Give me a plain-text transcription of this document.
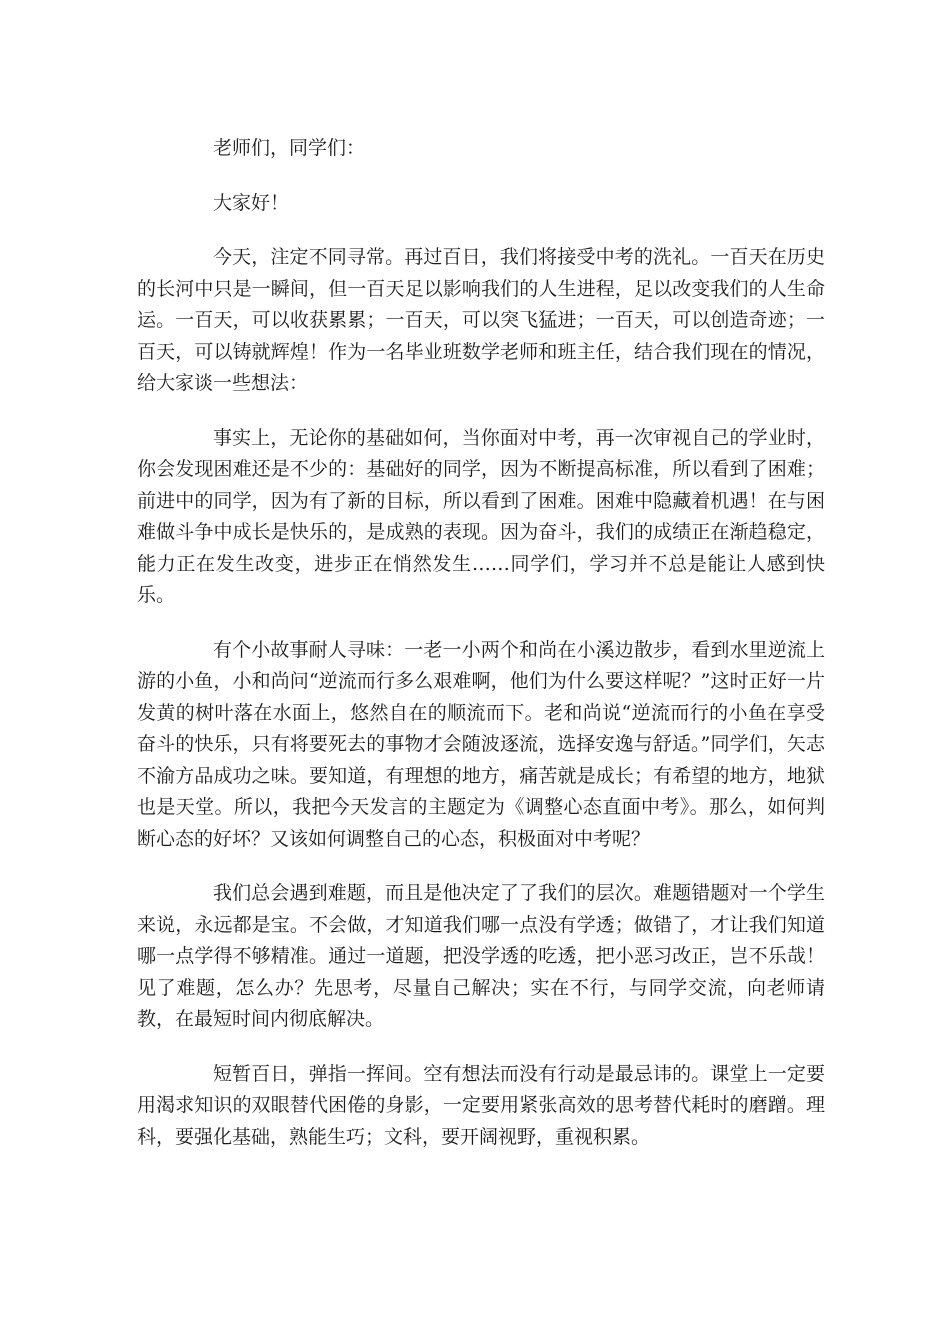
老师们，同学们：

大家好！

今天，注定不同寻常。再过百日，我们将接受中考的洗礼。一百天在历史的长河中只是一瞬间，但一百天足以影响我们的人生进程，足以改变我们的人生命运。一百天，可以收获累累；一百天，可以突飞猛进；一百天，可以创造奇迹；一百天，可以铸就辉煌！作为一名毕业班数学老师和班主任，结合我们现在的情况，给大家谈一些想法：

事实上，无论你的基础如何，当你面对中考，再一次审视自己的学业时，你会发现困难还是不少的：基础好的同学，因为不断提高标准，所以看到了困难；前进中的同学，因为有了新的目标，所以看到了困难。困难中隐藏着机遇！在与困难做斗争中成长是快乐的，是成熟的表现。因为奋斗，我们的成绩正在渐趋稳定，能力正在发生改变，进步正在悄然发生……同学们，学习并不总是能让人感到快乐。

有个小故事耐人寻味：一老一小两个和尚在小溪边散步，看到水里逆流上游的小鱼，小和尚问“逆流而行多么艰难啊，他们为什么要这样呢？”这时正好一片发黄的树叶落在水面上，悠然自在的顺流而下。老和尚说“逆流而行的小鱼在享受奋斗的快乐，只有将要死去的事物才会随波逐流，选择安逸与舒适。”同学们，矢志不渝方品成功之味。要知道，有理想的地方，痛苦就是成长；有希望的地方，地狱也是天堂。所以，我把今天发言的主题定为《调整心态直面中考》。那么，如何判断心态的好坏？又该如何调整自己的心态，积极面对中考呢？

我们总会遇到难题，而且是他决定了了我们的层次。难题错题对一个学生来说，永远都是宝。不会做，才知道我们哪一点没有学透；做错了，才让我们知道哪一点学得不够精准。通过一道题，把没学透的吃透，把小恶习改正，岂不乐哉！见了难题，怎么办？先思考，尽量自己解决；实在不行，与同学交流，向老师请教，在最短时间内彻底解决。

短暂百日，弹指一挥间。空有想法而没有行动是最忌讳的。课堂上一定要用渴求知识的双眼替代困倦的身影，一定要用紧张高效的思考替代耗时的磨蹭。理科，要强化基础，熟能生巧；文科，要开阔视野，重视积累。
